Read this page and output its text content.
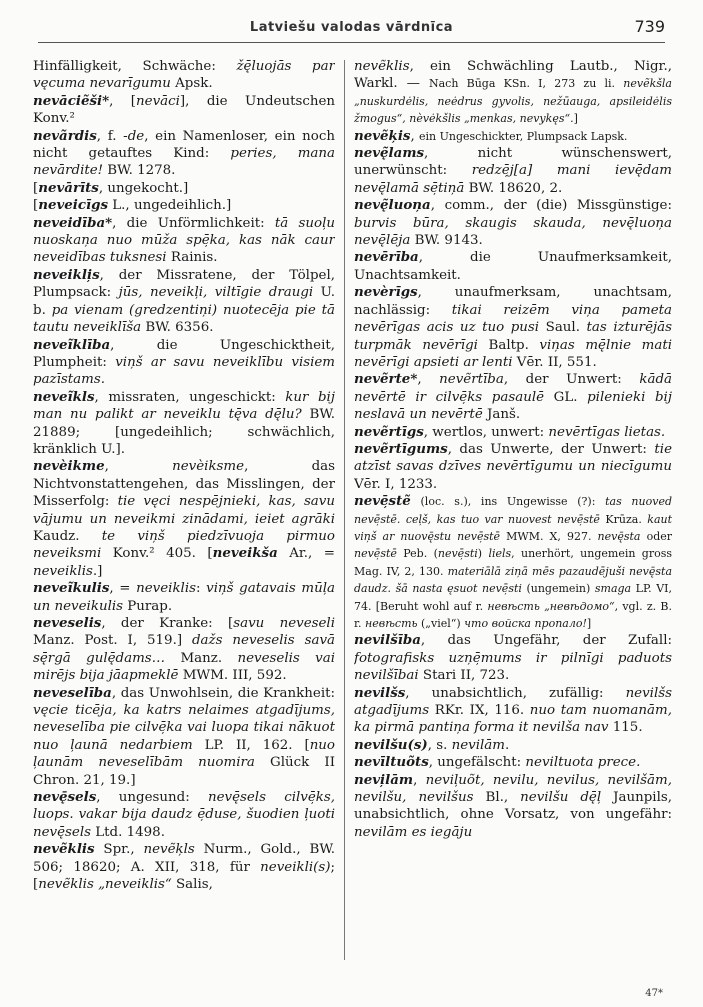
Latviešu valodas vārdnīca	739
Hinfälligkeit, Schwäche: žę̄luojās par vęcuma nevarīgumu Apsk.
nevāciẽši*, [nevāci], die Undeutschen Konv.²
nevãrdis, f. -de, ein Namenloser, ein noch nicht getauftes Kind: peries, mana nevārdite! BW. 1278.
[nevārīts, ungekocht.]
[neveicīgs L., ungedeihlich.]
neveidība*, die Unförmlichkeit: tā suoļu nuoskaņa nuo mūža spē̦ka, kas nāk caur neveidības tuksnesi Rainis.
neveikli̦s, der Missratene, der Tölpel, Plumpsack: jūs, neveikļi, viltīgie draugi U. b. pa vienam (gredzentiņi) nuotecēja pie tā tautu neveiklīša BW. 6356.
neveĩklība, die Ungeschicktheit, Plumpheit: viņš ar savu neveiklību visiem pazīstams.
neveĩkls, missraten, ungeschickt: kur bij man nu palikt ar neveiklu tę̄va dę̄lu? BW. 21889; [ungedeihlich; schwächlich, kränklich U.].
nevèikme, nevèiksme, das Nichtvonstattengehen, das Misslingen, der Misserfolg: tie vęci nespējnieki, kas, savu vājumu un neveikmi zinādami, ieiet agrāki Kaudz. te viņš piedzīvuoja pirmuo neveiksmi Konv.² 405. [neveikša Ar., = neveiklis.]
neveĩkulis, = neveiklis: viņš gatavais mūļa un neveikulis Purap.
neveselis, der Kranke: [savu neveseli Manz. Post. I, 519.] dažs neveselis savā sę̄rgā gulę̄dams… Manz. neveselis vai mirējs bija jāapmeklē MWM. III, 592.
neveselība, das Unwohlsein, die Krankheit: vęcie ticēja, ka katrs nelaimes atgadījums, neveselība pie cilvē̦ka vai luopa tikai nākuot nuo ļaunā nedarbiem LP. II, 162. [nuo ļaunām neveselībām nuomira Glück II Chron. 21, 19.]
nevę̄sels, ungesund: nevę̄sels cilvē̦ks, luops. vakar bija daudz ē̦duse, šuodien ļuoti nevę̄sels Ltd. 1498.
nevẽklis Spr., nevẽķls Nurm., Gold., BW. 506; 18620; A. XII, 318, für neveikli(s); [nevẽklis „neveiklis“ Salis,
nevẽklis, ein Schwächling Lautb., Nigr., Warkl. — Nach Būga KSn. I, 273 zu li. nevẽkšla „nuskurdėlis, neėdrus gyvolis, nežūauga, apsileidėlis žmogus“, nèvėkšlis „menkas, nevykęs“.]
nevẽķis, ein Ungeschickter, Plumpsack Lapsk.
nevę̃lams, nicht wünschenswert, unerwünscht: redzē̦j[a] mani ievę̄dam nevę̄lamā sē̦tiņā BW. 18620, 2.
nevę̃luoņa, comm., der (die) Missgünstige: burvis būra, skaugis skauda, nevę̄luoņa nevę̄lēja BW. 9143.
nevērība, die Unaufmerksamkeit, Unachtsamkeit.
nevèrīgs, unaufmerksam, unachtsam, nachlässig: tikai reizēm viņa pameta nevērīgas acis uz tuo pusi Saul. tas izturējās turpmāk nevērīgi Baltp. viņas mę̄lnie mati nevērīgi apsieti ar lenti Vēr. II, 551.
nevẽrte*, nevẽrtība, der Unwert: kādā nevērtē ir cilvē̦ks pasaulē GL. pilenieki bij neslavā un nevērtē Janš.
nevẽrtīgs, wertlos, unwert: nevērtīgas lietas.
nevẽrtīgums, das Unwerte, der Unwert: tie atzīst savas dzīves nevērtīgumu un niecīgumu Vēr. I, 1233.
nevē̦stẽ (loc. s.), ins Ungewisse (?): tas nuoved nevē̦stē. ceļš, kas tuo var nuovest nevē̦stē Krūza. kaut viņš ar nuovę̄stu nevē̦stē MWM. X, 927. nevę̄sta oder nevē̦stē Peb. (nevē̦sti) liels, unerhört, ungemein gross Mag. IV, 2, 130. materiālā ziņā mēs pazaudējuši nevę̄sta daudz. šā nasta ęsuot nevē̦sti (ungemein) smaga LP. VI, 74. [Beruht wohl auf r. невѣсть „невѣдомо“, vgl. z. B. r. невѣсть („viel“) что войска пропало!]
nevilšība, das Ungefähr, der Zufall: fotografisks uzņē̦mums ir pilnīgi paduots nevilšībai Stari II, 723.
nevilšs, unabsichtlich, zufällig: nevilšs atgadījums RKr. IX, 116. nuo tam nuomanām, ka pirmā pantiņa forma it nevilša nav 115.
nevilšu(s), s. nevilām.
nevīltuõts, ungefälscht: neviltuota prece.
nevi̦lām, neviļuõt, nevilu, nevilus, nevilšām, nevilšu, nevilšus Bl., nevilšu dę̄ļ Jaunpils, unabsichtlich, ohne Vorsatz, von ungefähr: nevilām es iegāju
47*
